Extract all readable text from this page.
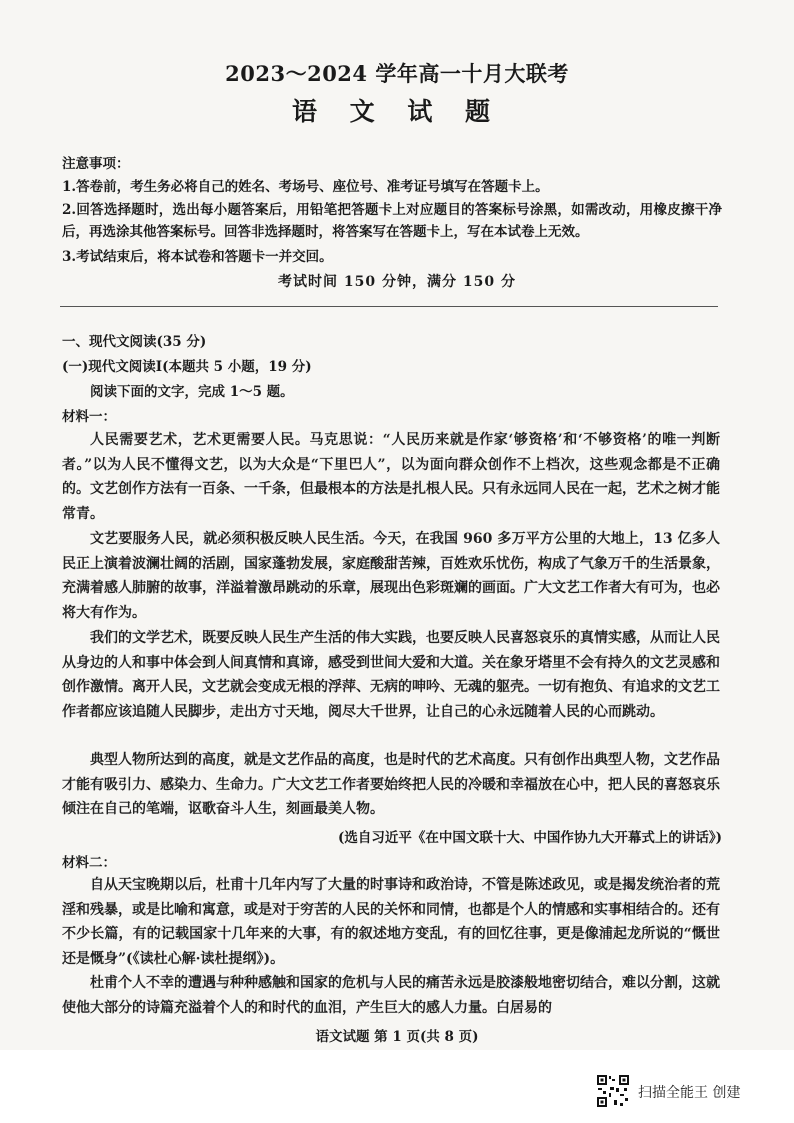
2023～2024 学年高一十月大联考
语 文 试 题
注意事项：
1.答卷前，考生务必将自己的姓名、考场号、座位号、准考证号填写在答题卡上。
2.回答选择题时，选出每小题答案后，用铅笔把答题卡上对应题目的答案标号涂黑，如需改动，用橡皮擦干净后，再选涂其他答案标号。回答非选择题时，将答案写在答题卡上，写在本试卷上无效。
3.考试结束后，将本试卷和答题卡一并交回。
考试时间 150 分钟，满分 150 分
一、现代文阅读(35 分)
(一)现代文阅读Ⅰ(本题共 5 小题，19 分)
阅读下面的文字，完成 1～5 题。
材料一：
人民需要艺术，艺术更需要人民。马克思说：“人民历来就是作家‘够资格’和‘不够资格’的唯一判断者。”以为人民不懂得文艺，以为大众是“下里巴人”，以为面向群众创作不上档次，这些观念都是不正确的。文艺创作方法有一百条、一千条，但最根本的方法是扎根人民。只有永远同人民在一起，艺术之树才能常青。
文艺要服务人民，就必须积极反映人民生活。今天，在我国 960 多万平方公里的大地上，13 亿多人民正上演着波澜壮阔的活剧，国家蓬勃发展，家庭酸甜苦辣，百姓欢乐忧伤，构成了气象万千的生活景象，充满着感人肺腑的故事，洋溢着激昂跳动的乐章，展现出色彩斑斓的画面。广大文艺工作者大有可为，也必将大有作为。
我们的文学艺术，既要反映人民生产生活的伟大实践，也要反映人民喜怒哀乐的真情实感，从而让人民从身边的人和事中体会到人间真情和真谛，感受到世间大爱和大道。关在象牙塔里不会有持久的文艺灵感和创作激情。离开人民，文艺就会变成无根的浮萍、无病的呻吟、无魂的躯壳。一切有抱负、有追求的文艺工作者都应该追随人民脚步，走出方寸天地，阅尽大千世界，让自己的心永远随着人民的心而跳动。
典型人物所达到的高度，就是文艺作品的高度，也是时代的艺术高度。只有创作出典型人物，文艺作品才能有吸引力、感染力、生命力。广大文艺工作者要始终把人民的冷暖和幸福放在心中，把人民的喜怒哀乐倾注在自己的笔端，讴歌奋斗人生，刻画最美人物。
(选自习近平《在中国文联十大、中国作协九大开幕式上的讲话》)
材料二：
自从天宝晚期以后，杜甫十几年内写了大量的时事诗和政治诗，不管是陈述政见，或是揭发统治者的荒淫和残暴，或是比喻和寓意，或是对于穷苦的人民的关怀和同情，也都是个人的情感和实事相结合的。还有不少长篇，有的记载国家十几年来的大事，有的叙述地方变乱，有的回忆往事，更是像浦起龙所说的“慨世还是慨身”(《读杜心解·读杜提纲》)。
杜甫个人不幸的遭遇与种种感触和国家的危机与人民的痛苦永远是胶漆般地密切结合，难以分割，这就使他大部分的诗篇充溢着个人的和时代的血泪，产生巨大的感人力量。白居易的
语文试题 第 1 页(共 8 页)
扫描全能王 创建
